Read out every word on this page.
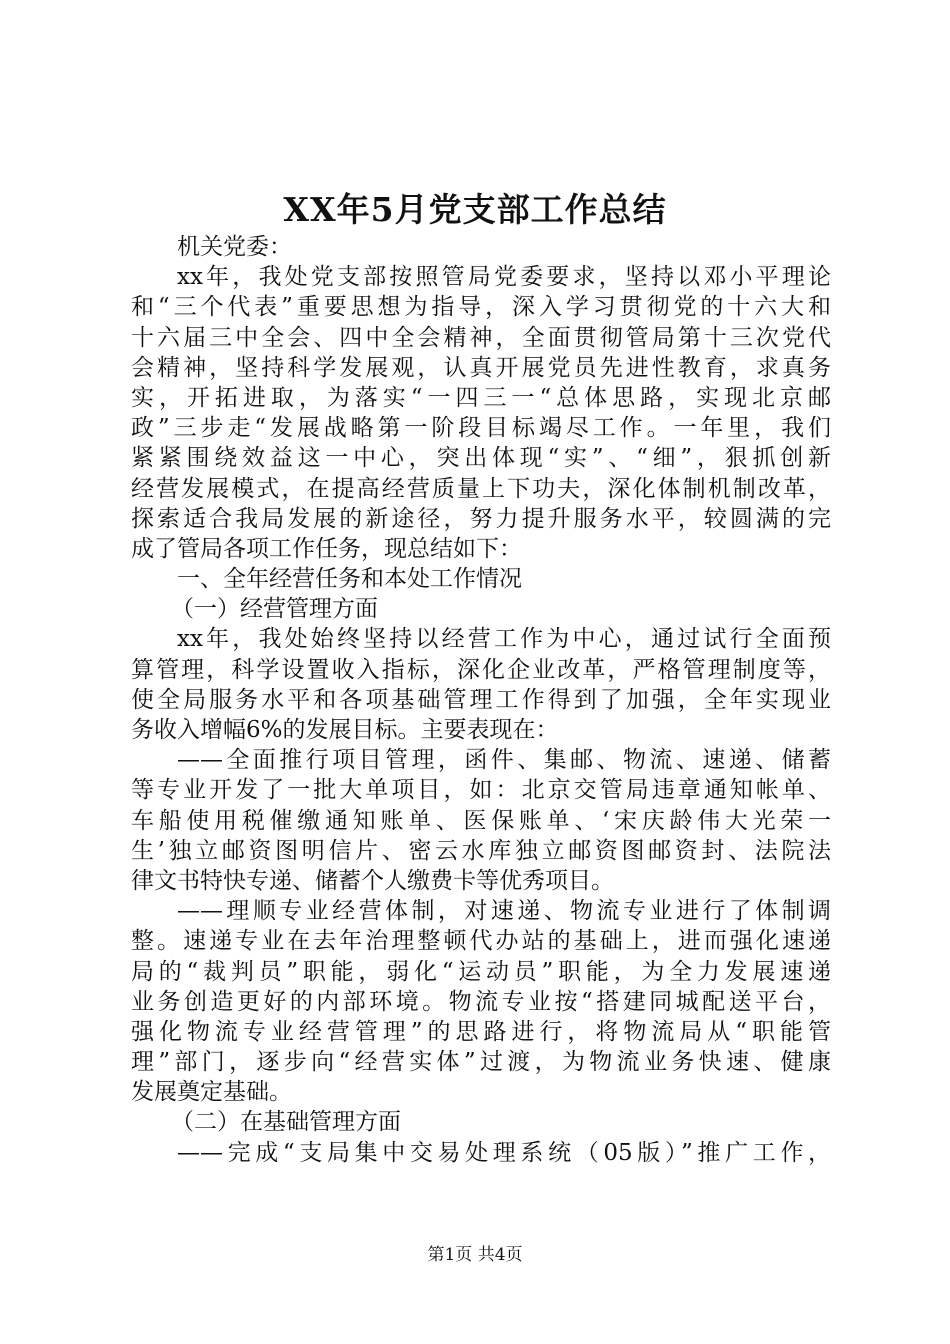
XX年5月党支部工作总结
机关党委：
xx年，我处党支部按照管局党委要求，坚持以邓小平理论
和“三个代表”重要思想为指导，深入学习贯彻党的十六大和
十六届三中全会、四中全会精神，全面贯彻管局第十三次党代
会精神，坚持科学发展观，认真开展党员先进性教育，求真务
实，开拓进取，为落实“一四三一“总体思路，实现北京邮
政”三步走“发展战略第一阶段目标竭尽工作。一年里，我们
紧紧围绕效益这一中心，突出体现“实”、“细”，狠抓创新
经营发展模式，在提高经营质量上下功夫，深化体制机制改革，
探索适合我局发展的新途径，努力提升服务水平，较圆满的完
成了管局各项工作任务，现总结如下：
一、全年经营任务和本处工作情况
（一）经营管理方面
xx年，我处始终坚持以经营工作为中心，通过试行全面预
算管理，科学设置收入指标，深化企业改革，严格管理制度等，
使全局服务水平和各项基础管理工作得到了加强，全年实现业
务收入增幅6%的发展目标。主要表现在：
——全面推行项目管理，函件、集邮、物流、速递、储蓄
等专业开发了一批大单项目，如：北京交管局违章通知帐单、
车船使用税催缴通知账单、医保账单、‘宋庆龄伟大光荣一
生’独立邮资图明信片、密云水库独立邮资图邮资封、法院法
律文书特快专递、储蓄个人缴费卡等优秀项目。
——理顺专业经营体制，对速递、物流专业进行了体制调
整。速递专业在去年治理整顿代办站的基础上，进而强化速递
局的“裁判员”职能，弱化“运动员”职能，为全力发展速递
业务创造更好的内部环境。物流专业按“搭建同城配送平台，
强化物流专业经营管理”的思路进行，将物流局从“职能管
理”部门，逐步向“经营实体”过渡，为物流业务快速、健康
发展奠定基础。
（二）在基础管理方面
——完成“支局集中交易处理系统（05版）”推广工作，
第1页 共4页
